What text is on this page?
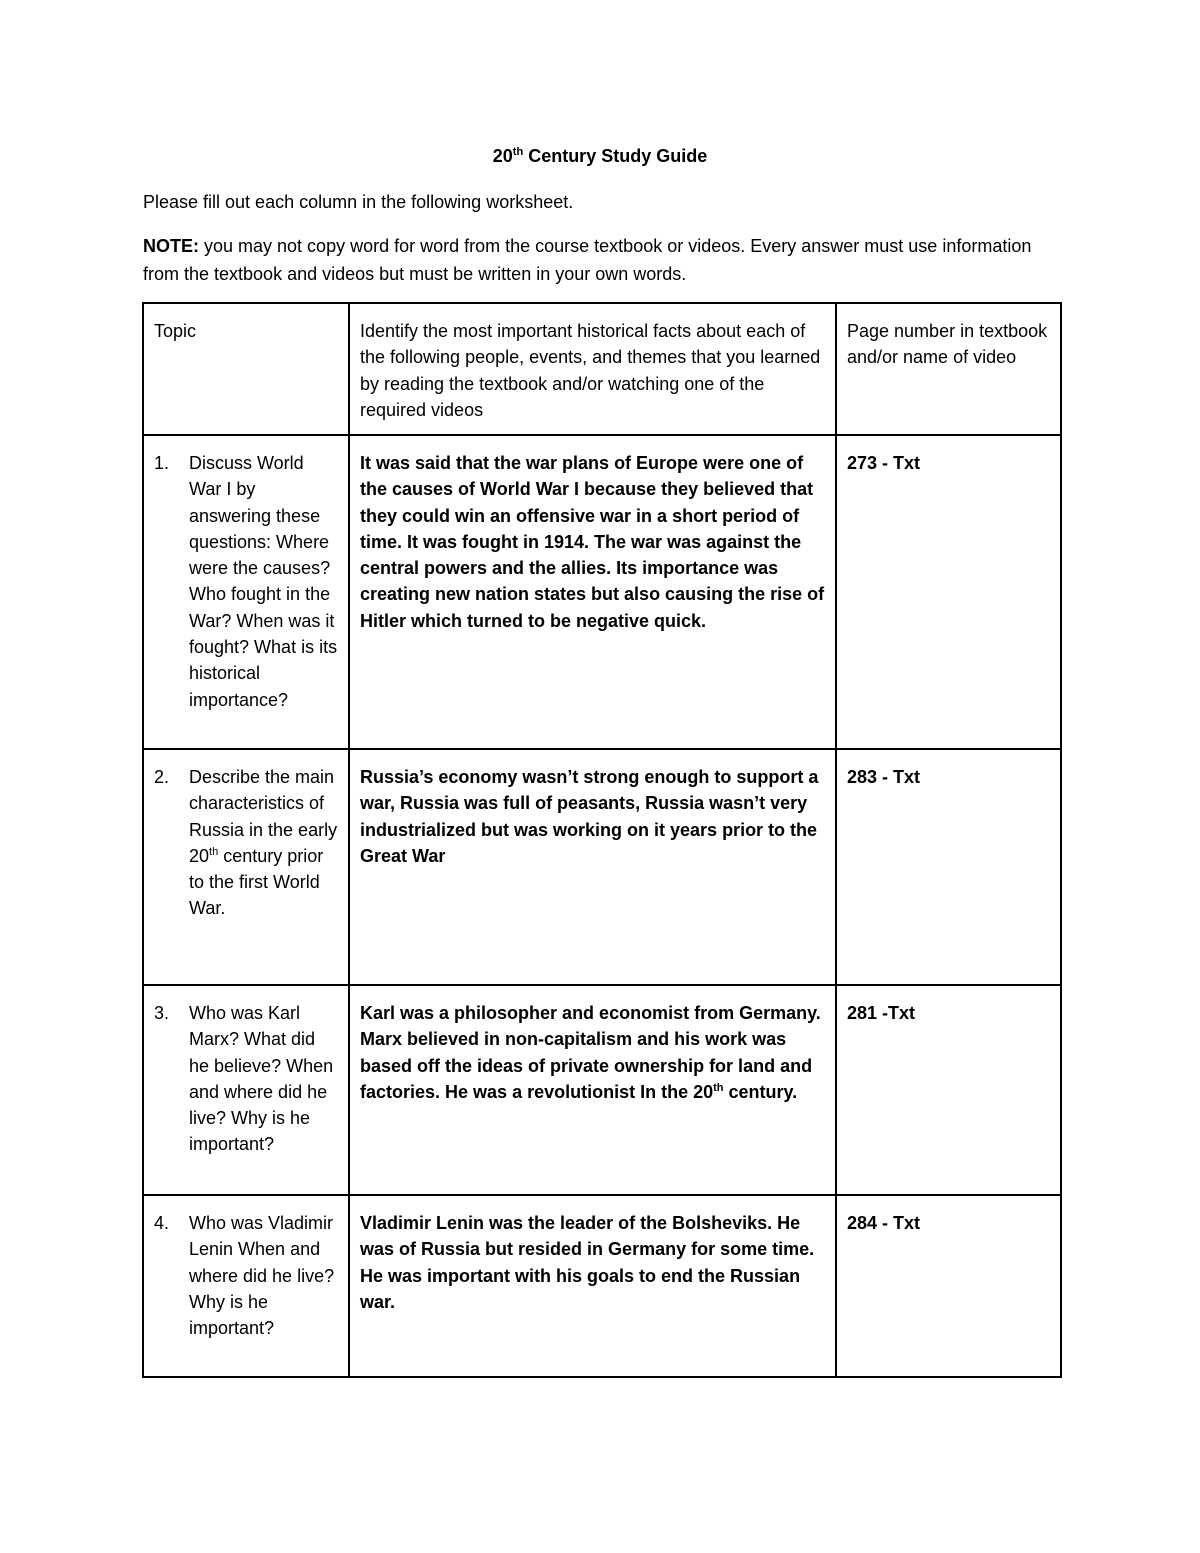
20th Century Study Guide
Please fill out each column in the following worksheet.
NOTE: you may not copy word for word from the course textbook or videos. Every answer must use information from the textbook and videos but must be written in your own words.
Topic	Identify the most important historical facts about each of the following people, events, and themes that you learned by reading the textbook and/or watching one of the required videos	Page number in textbook and/or name of video

1. Discuss World War I by answering these questions: Where were the causes? Who fought in the War? When was it fought? What is its historical importance?	It was said that the war plans of Europe were one of the causes of World War I because they believed that they could win an offensive war in a short period of time. It was fought in 1914. The war was against the central powers and the allies. Its importance was creating new nation states but also causing the rise of Hitler which turned to be negative quick.	273 - Txt

2. Describe the main characteristics of Russia in the early 20th century prior to the first World War.	Russia’s economy wasn’t strong enough to support a war, Russia was full of peasants, Russia wasn’t very industrialized but was working on it years prior to the Great War	283 - Txt

3. Who was Karl Marx? What did he believe? When and where did he live? Why is he important?	Karl was a philosopher and economist from Germany. Marx believed in non-capitalism and his work was based off the ideas of private ownership for land and factories. He was a revolutionist In the 20th century.	281 -Txt

4. Who was Vladimir Lenin When and where did he live? Why is he important?	Vladimir Lenin was the leader of the Bolsheviks. He was of Russia but resided in Germany for some time. He was important with his goals to end the Russian war.	284 - Txt
